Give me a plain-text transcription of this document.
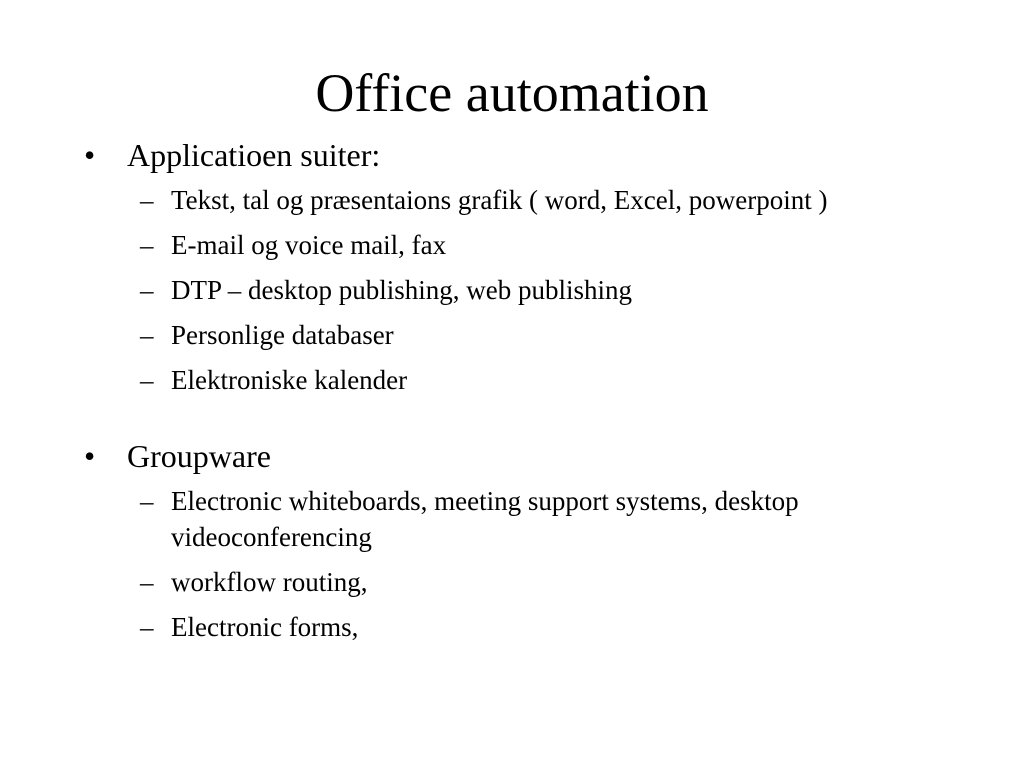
Office automation
• Applicatioen suiter:
– Tekst, tal og præsentaions grafik ( word, Excel, powerpoint )
– E-mail og voice mail, fax
– DTP – desktop publishing, web publishing
– Personlige databaser
– Elektroniske kalender
• Groupware
– Electronic whiteboards, meeting support systems, desktop videoconferencing
– workflow routing,
– Electronic forms,
